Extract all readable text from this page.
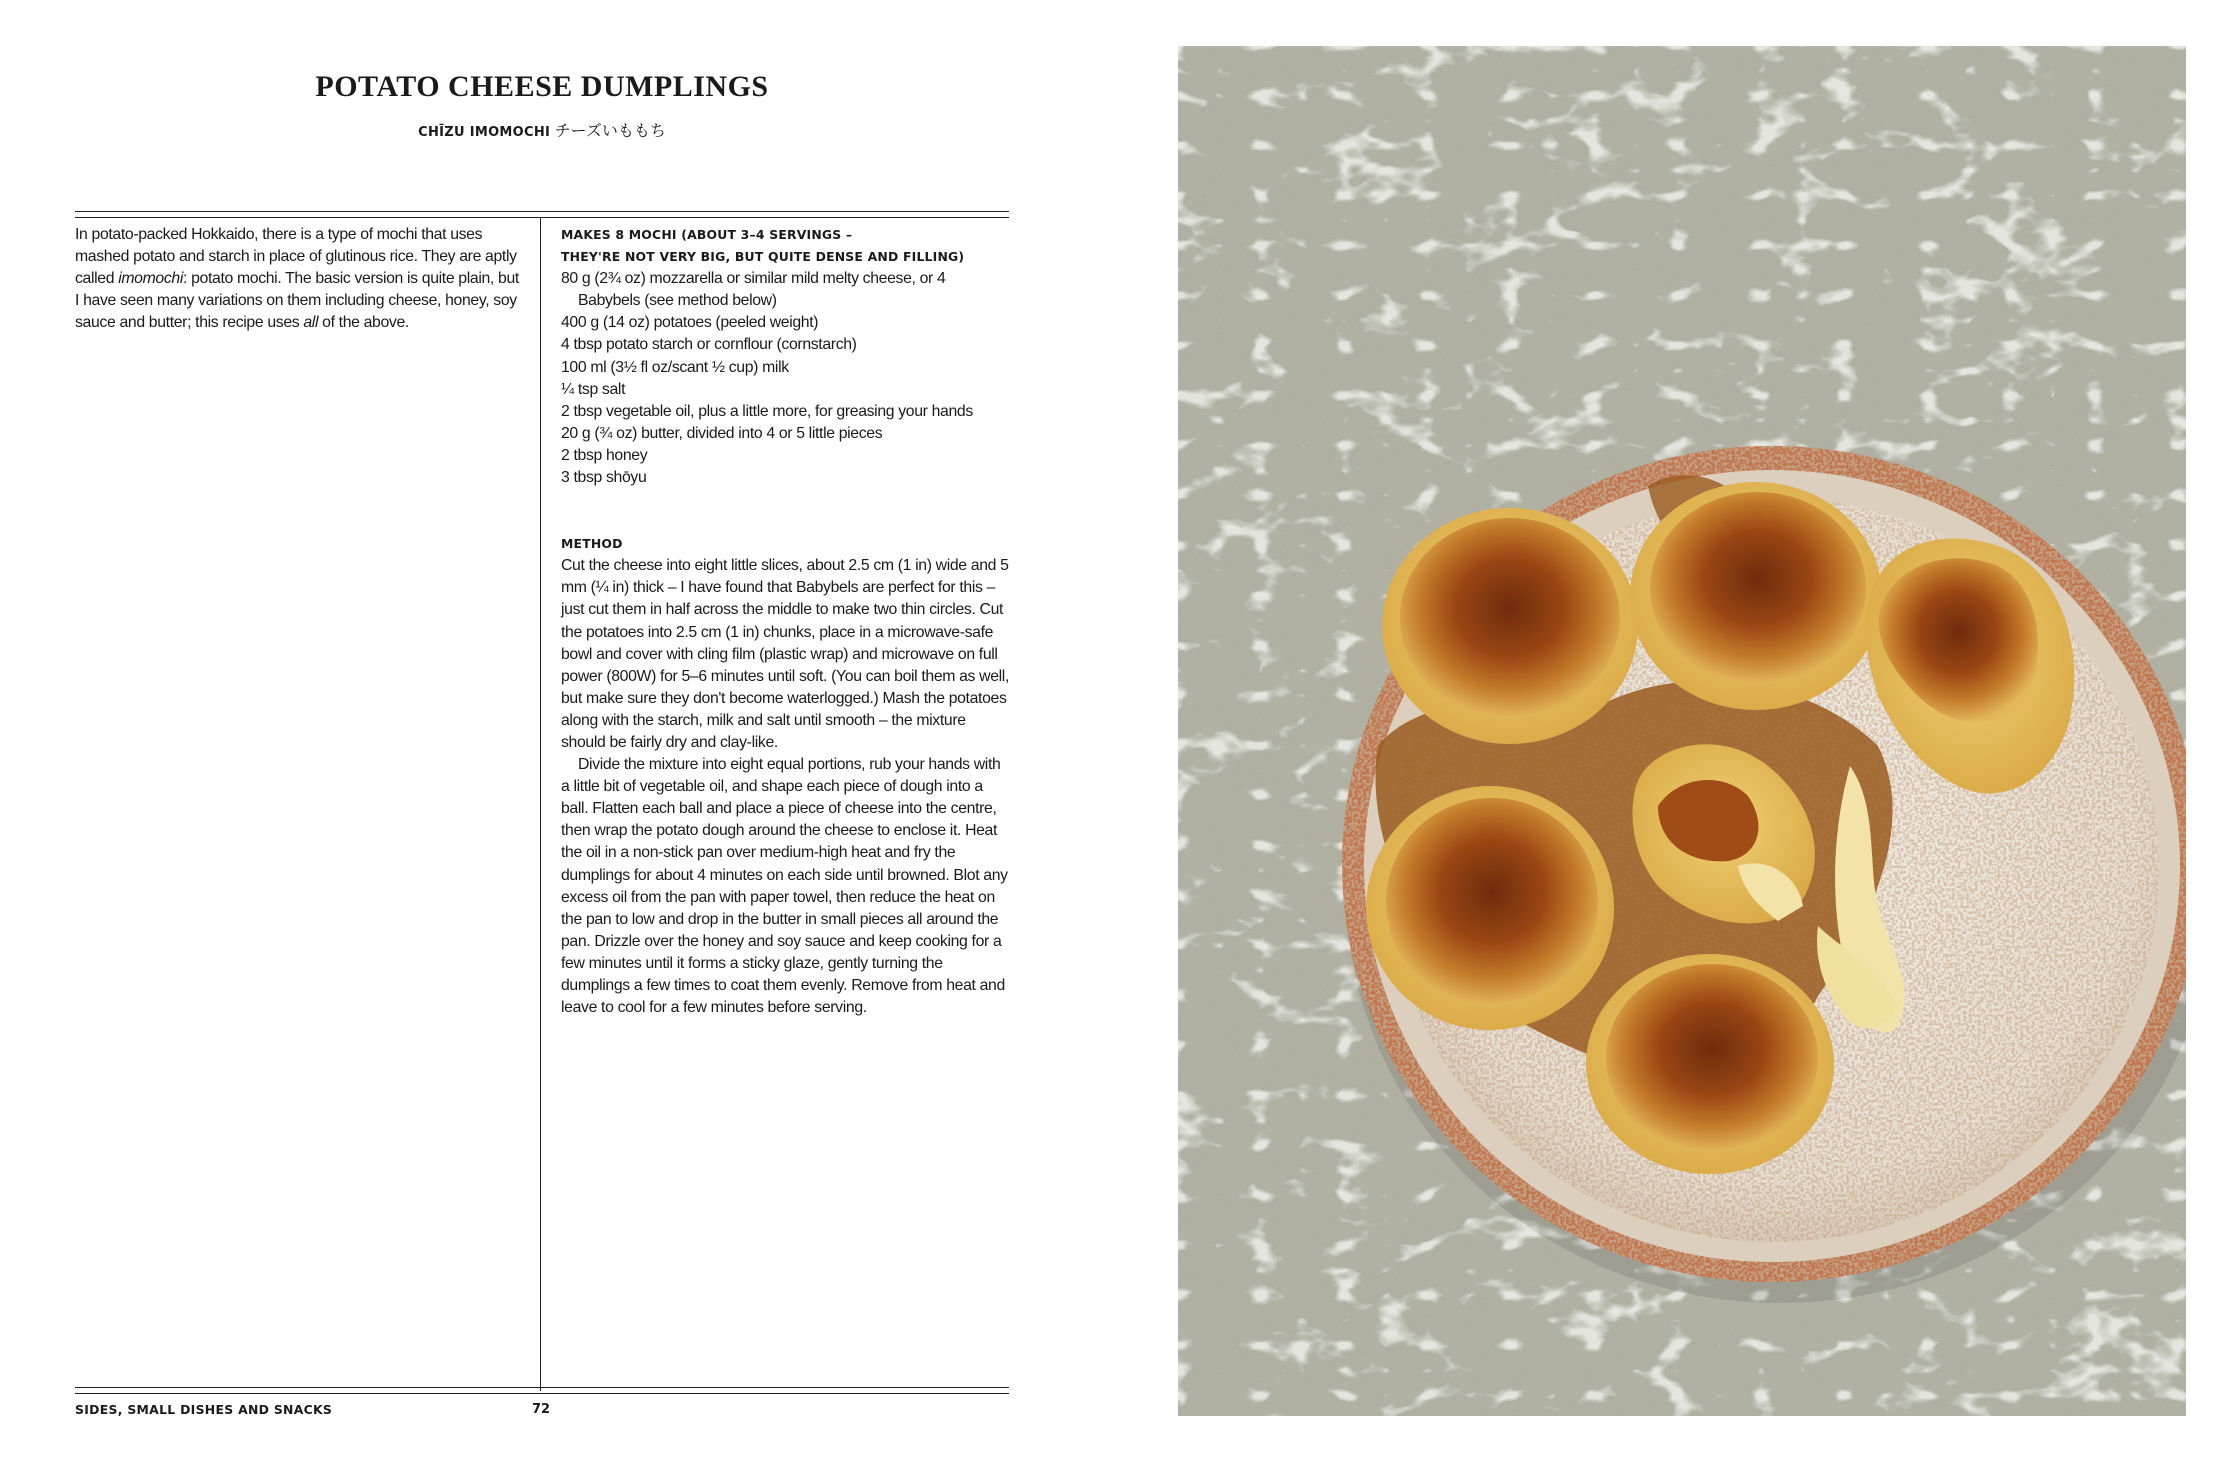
POTATO CHEESE DUMPLINGS
CHĪZU IMOMOCHI チーズいももち

In potato-packed Hokkaido, there is a type of mochi that uses mashed potato and starch in place of glutinous rice. They are aptly called imomochi: potato mochi. The basic version is quite plain, but I have seen many variations on them including cheese, honey, soy sauce and butter; this recipe uses all of the above.

MAKES 8 MOCHI (ABOUT 3–4 SERVINGS –
THEY'RE NOT VERY BIG, BUT QUITE DENSE AND FILLING)
80 g (2¾ oz) mozzarella or similar mild melty cheese, or 4 Babybels (see method below)
400 g (14 oz) potatoes (peeled weight)
4 tbsp potato starch or cornflour (cornstarch)
100 ml (3½ fl oz/scant ½ cup) milk
¼ tsp salt
2 tbsp vegetable oil, plus a little more, for greasing your hands
20 g (¾ oz) butter, divided into 4 or 5 little pieces
2 tbsp honey
3 tbsp shōyu
METHOD

Cut the cheese into eight little slices, about 2.5 cm (1 in) wide and 5 mm (¼ in) thick – I have found that Babybels are perfect for this – just cut them in half across the middle to make two thin circles. Cut the potatoes into 2.5 cm (1 in) chunks, place in a microwave-safe bowl and cover with cling film (plastic wrap) and microwave on full power (800W) for 5–6 minutes until soft. (You can boil them as well, but make sure they don't become waterlogged.) Mash the potatoes along with the starch, milk and salt until smooth – the mixture should be fairly dry and clay-like.

Divide the mixture into eight equal portions, rub your hands with a little bit of vegetable oil, and shape each piece of dough into a ball. Flatten each ball and place a piece of cheese into the centre, then wrap the potato dough around the cheese to enclose it. Heat the oil in a non-stick pan over medium-high heat and fry the dumplings for about 4 minutes on each side until browned. Blot any excess oil from the pan with paper towel, then reduce the heat on the pan to low and drop in the butter in small pieces all around the pan. Drizzle over the honey and soy sauce and keep cooking for a few minutes until it forms a sticky glaze, gently turning the dumplings a few times to coat them evenly. Remove from heat and leave to cool for a few minutes before serving.

SIDES, SMALL DISHES AND SNACKS	72
